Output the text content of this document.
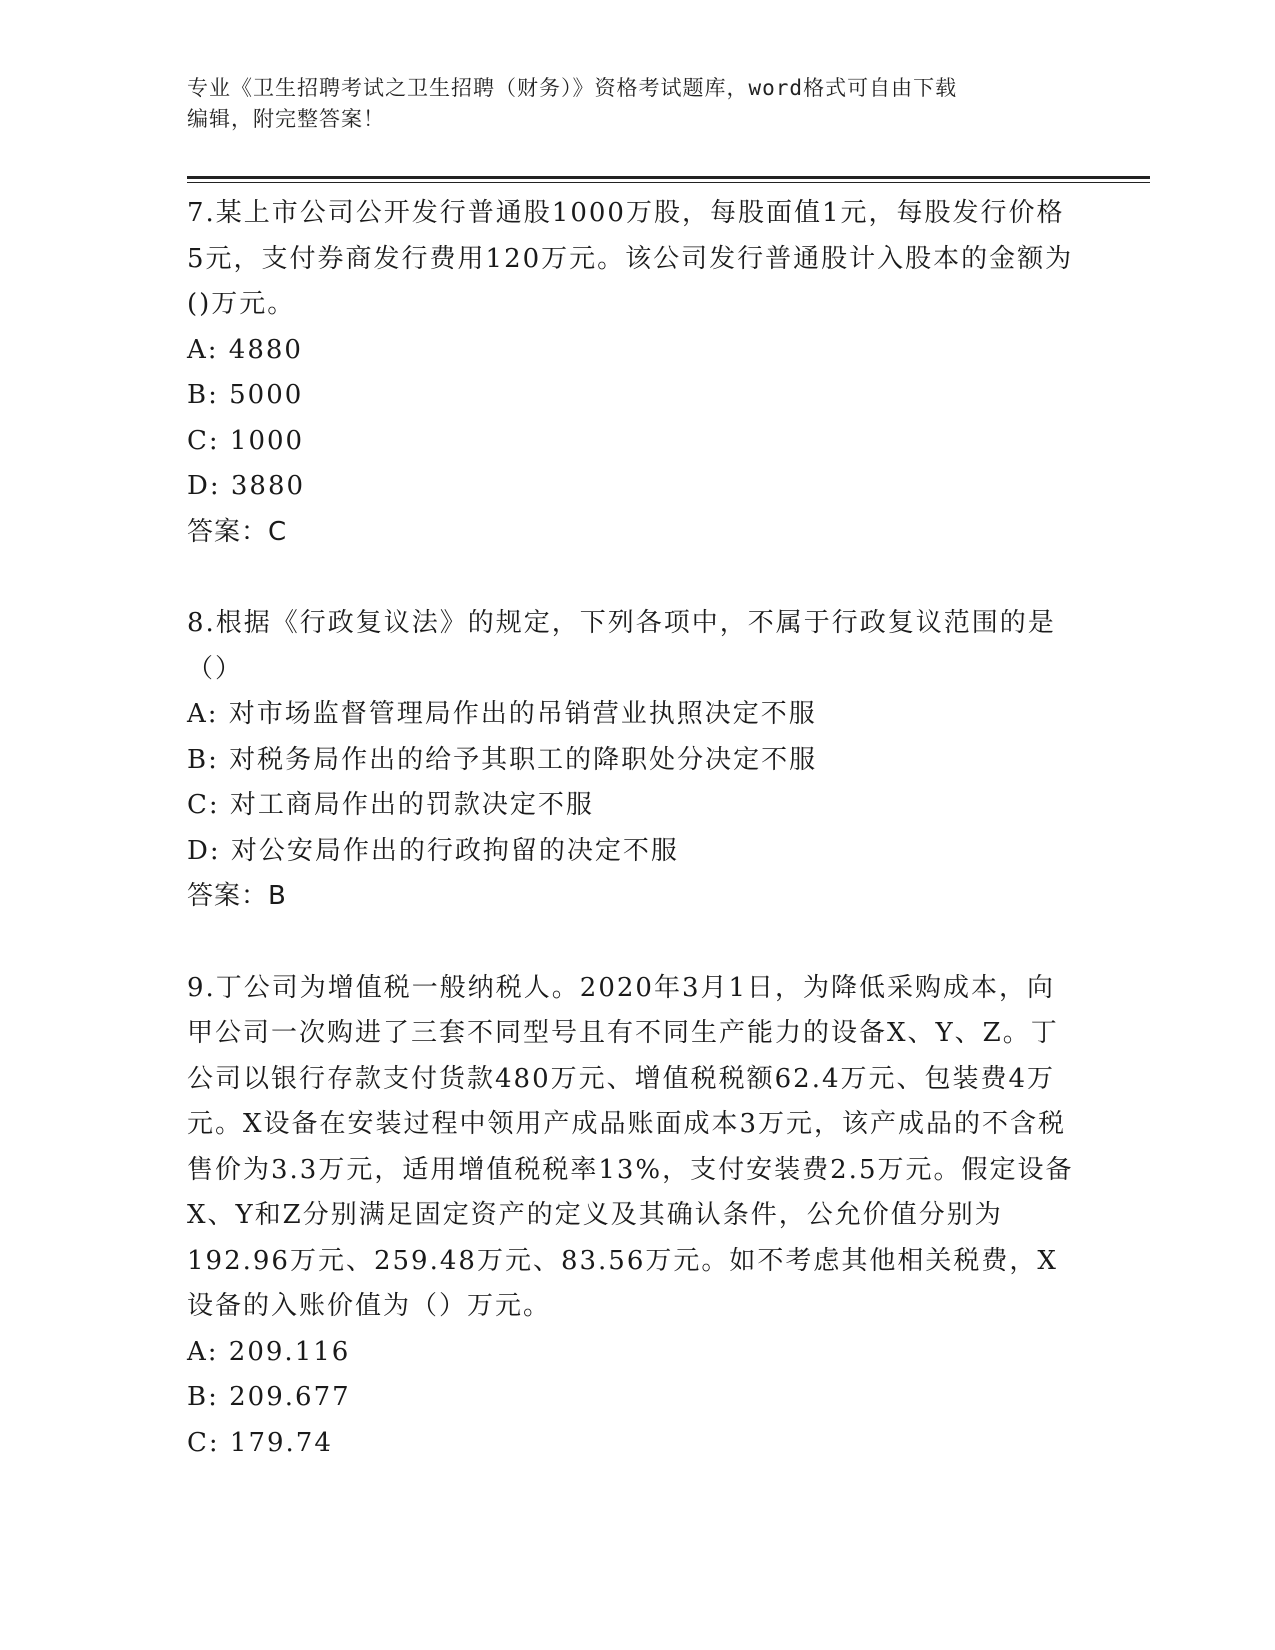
专业《卫生招聘考试之卫生招聘（财务）》资格考试题库，word格式可自由下载
编辑，附完整答案！

7.某上市公司公开发行普通股1000万股，每股面值1元，每股发行价格5元，支付券商发行费用120万元。该公司发行普通股计入股本的金额为()万元。

A: 4880

B: 5000

C: 1000

D: 3880

答案：C

8.根据《行政复议法》的规定，下列各项中，不属于行政复议范围的是（）

A: 对市场监督管理局作出的吊销营业执照决定不服

B: 对税务局作出的给予其职工的降职处分决定不服

C: 对工商局作出的罚款决定不服

D: 对公安局作出的行政拘留的决定不服

答案：B

9.丁公司为增值税一般纳税人。2020年3月1日，为降低采购成本，向甲公司一次购进了三套不同型号且有不同生产能力的设备X、Y、Z。丁公司以银行存款支付货款480万元、增值税税额62.4万元、包装费4万元。X设备在安装过程中领用产成品账面成本3万元，该产成品的不含税售价为3.3万元，适用增值税税率13%，支付安装费2.5万元。假定设备X、Y和Z分别满足固定资产的定义及其确认条件，公允价值分别为192.96万元、259.48万元、83.56万元。如不考虑其他相关税费，X设备的入账价值为（）万元。

A: 209.116

B: 209.677

C: 179.74
